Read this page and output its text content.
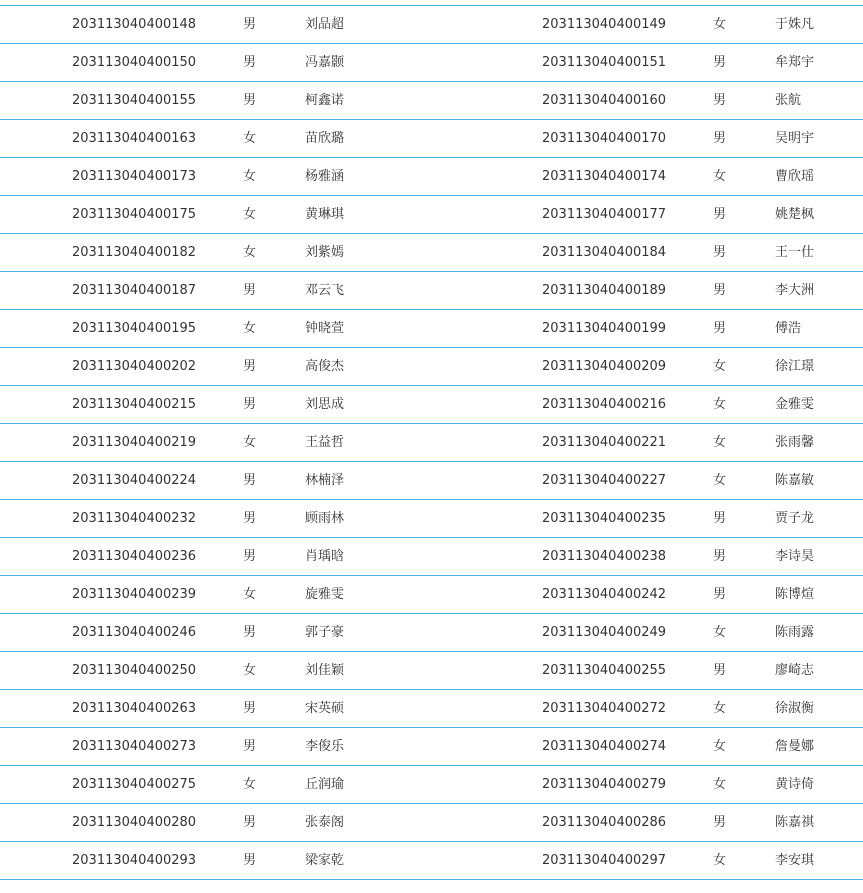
203113040400148	男	刘品超	203113040400149	女	于姝凡
203113040400150	男	冯嘉颢	203113040400151	男	牟郑宇
203113040400155	男	柯鑫诺	203113040400160	男	张航
203113040400163	女	苗欣璐	203113040400170	男	吴明宇
203113040400173	女	杨雅涵	203113040400174	女	曹欣瑶
203113040400175	女	黄琳琪	203113040400177	男	姚楚枫
203113040400182	女	刘紫嫣	203113040400184	男	王一仕
203113040400187	男	邓云飞	203113040400189	男	李大洲
203113040400195	女	钟晓萱	203113040400199	男	傅浩
203113040400202	男	高俊杰	203113040400209	女	徐江璟
203113040400215	男	刘思成	203113040400216	女	金雅雯
203113040400219	女	王益哲	203113040400221	女	张雨馨
203113040400224	男	林楠泽	203113040400227	女	陈嘉敏
203113040400232	男	顾雨林	203113040400235	男	贾子龙
203113040400236	男	肖瑀晗	203113040400238	男	李诗昊
203113040400239	女	旋雅雯	203113040400242	男	陈博煊
203113040400246	男	郭子豪	203113040400249	女	陈雨露
203113040400250	女	刘佳颖	203113040400255	男	廖崎志
203113040400263	男	宋英硕	203113040400272	女	徐淑衡
203113040400273	男	李俊乐	203113040400274	女	詹曼娜
203113040400275	女	丘润瑜	203113040400279	女	黄诗倚
203113040400280	男	张泰阁	203113040400286	男	陈嘉祺
203113040400293	男	梁家乾	203113040400297	女	李安琪
